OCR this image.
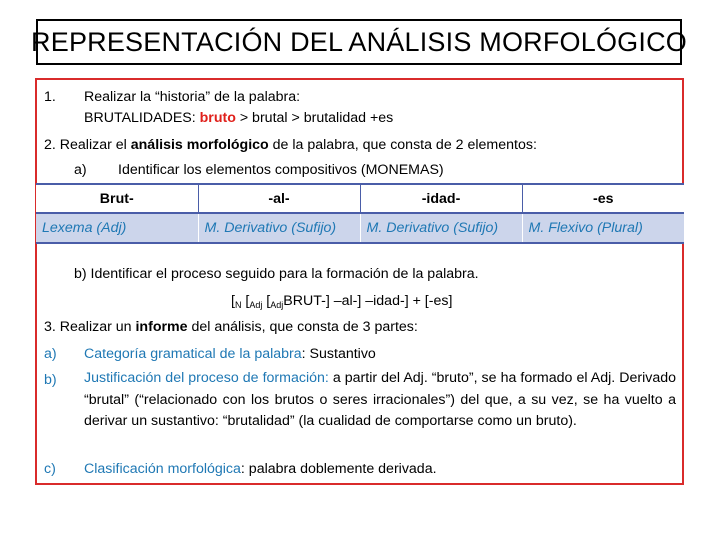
REPRESENTACIÓN DEL ANÁLISIS MORFOLÓGICO
1. Realizar la “historia” de la palabra:
BRUTALIDADES: bruto > brutal > brutalidad +es
2. Realizar el análisis morfológico de la palabra, que consta de 2 elementos:
a) Identificar los elementos compositivos (MONEMAS)
Brut-	-al-	-idad-	-es
Lexema (Adj)	M. Derivativo (Sufijo)	M. Derivativo (Sufijo)	M. Flexivo (Plural)
b) Identificar el proceso seguido para la formación de la palabra.
[$_N$ [$_{Adj}$ $[_{Adj}BRUT-]$ –al-] –idad-] + [-es]
3. Realizar un informe del análisis, que consta de 3 partes:
a) Categoría gramatical de la palabra: Sustantivo
b) Justificación del proceso de formación: a partir del Adj. “bruto”, se ha formado el Adj. Derivado “brutal” (“relacionado con los brutos o seres irracionales”) del que, a su vez, se ha vuelto a derivar un sustantivo: “brutalidad” (la cualidad de comportarse como un bruto).
c) Clasificación morfológica: palabra doblemente derivada.
